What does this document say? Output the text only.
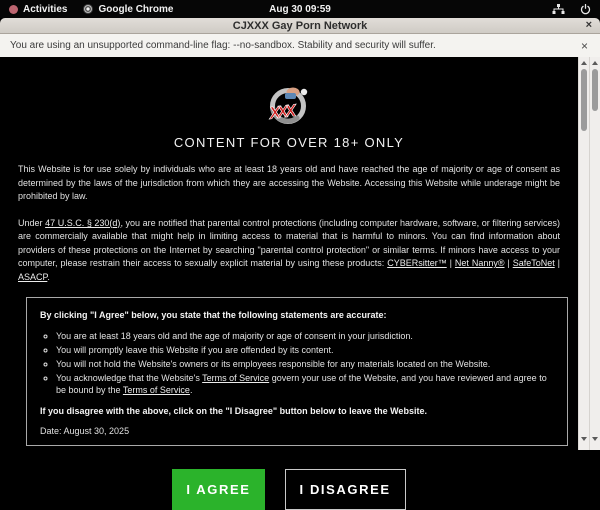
Activities	Google Chrome	Aug 30 09:59
CJXXX Gay Porn Network	×
You are using an unsupported command-line flag: --no-sandbox. Stability and security will suffer.	×
XXX
CONTENT FOR OVER 18+ ONLY

This Website is for use solely by individuals who are at least 18 years old and have reached the age of majority or age of consent as determined by the laws of the jurisdiction from which they are accessing the Website. Accessing this Website while underage might be prohibited by law.

Under 47 U.S.C. § 230(d), you are notified that parental control protections (including computer hardware, software, or filtering services) are commercially available that might help in limiting access to material that is harmful to minors. You can find information about providers of these protections on the Internet by searching "parental control protection" or similar terms. If minors have access to your computer, please restrain their access to sexually explicit material by using these products: CYBERsitter™ | Net Nanny® | SafeToNet | ASACP.

By clicking "I Agree" below, you state that the following statements are accurate:

◦ You are at least 18 years old and the age of majority or age of consent in your jurisdiction.
◦ You will promptly leave this Website if you are offended by its content.
◦ You will not hold the Website's owners or its employees responsible for any materials located on the Website.
◦ You acknowledge that the Website's Terms of Service govern your use of the Website, and you have reviewed and agree to be bound by the Terms of Service.

If you disagree with the above, click on the "I Disagree" button below to leave the Website.

Date: August 30, 2025

I AGREE	I DISAGREE
